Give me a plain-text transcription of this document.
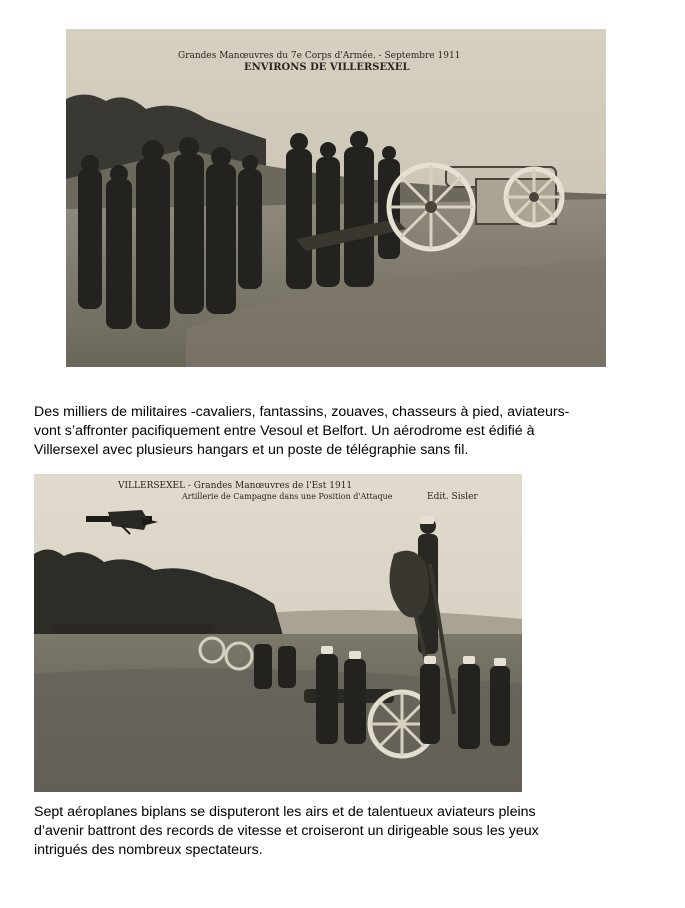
Grandes Manœuvres du 7e Corps d'Armée. - Septembre 1911
ENVIRONS DE VILLERSEXEL

Des milliers de militaires -cavaliers, fantassins, zouaves, chasseurs à pied, aviateurs-
vont s’affronter pacifiquement entre Vesoul et Belfort. Un aérodrome est édifié à
Villersexel avec plusieurs hangars et un poste de télégraphie sans fil.

VILLERSEXEL - Grandes Manœuvres de l'Est 1911
Artillerie de Campagne dans une Position d'Attaque	Edit. Sisler

Sept aéroplanes biplans se disputeront les airs et de talentueux aviateurs pleins
d’avenir battront des records de vitesse et croiseront un dirigeable sous les yeux
intrigués des nombreux spectateurs.
